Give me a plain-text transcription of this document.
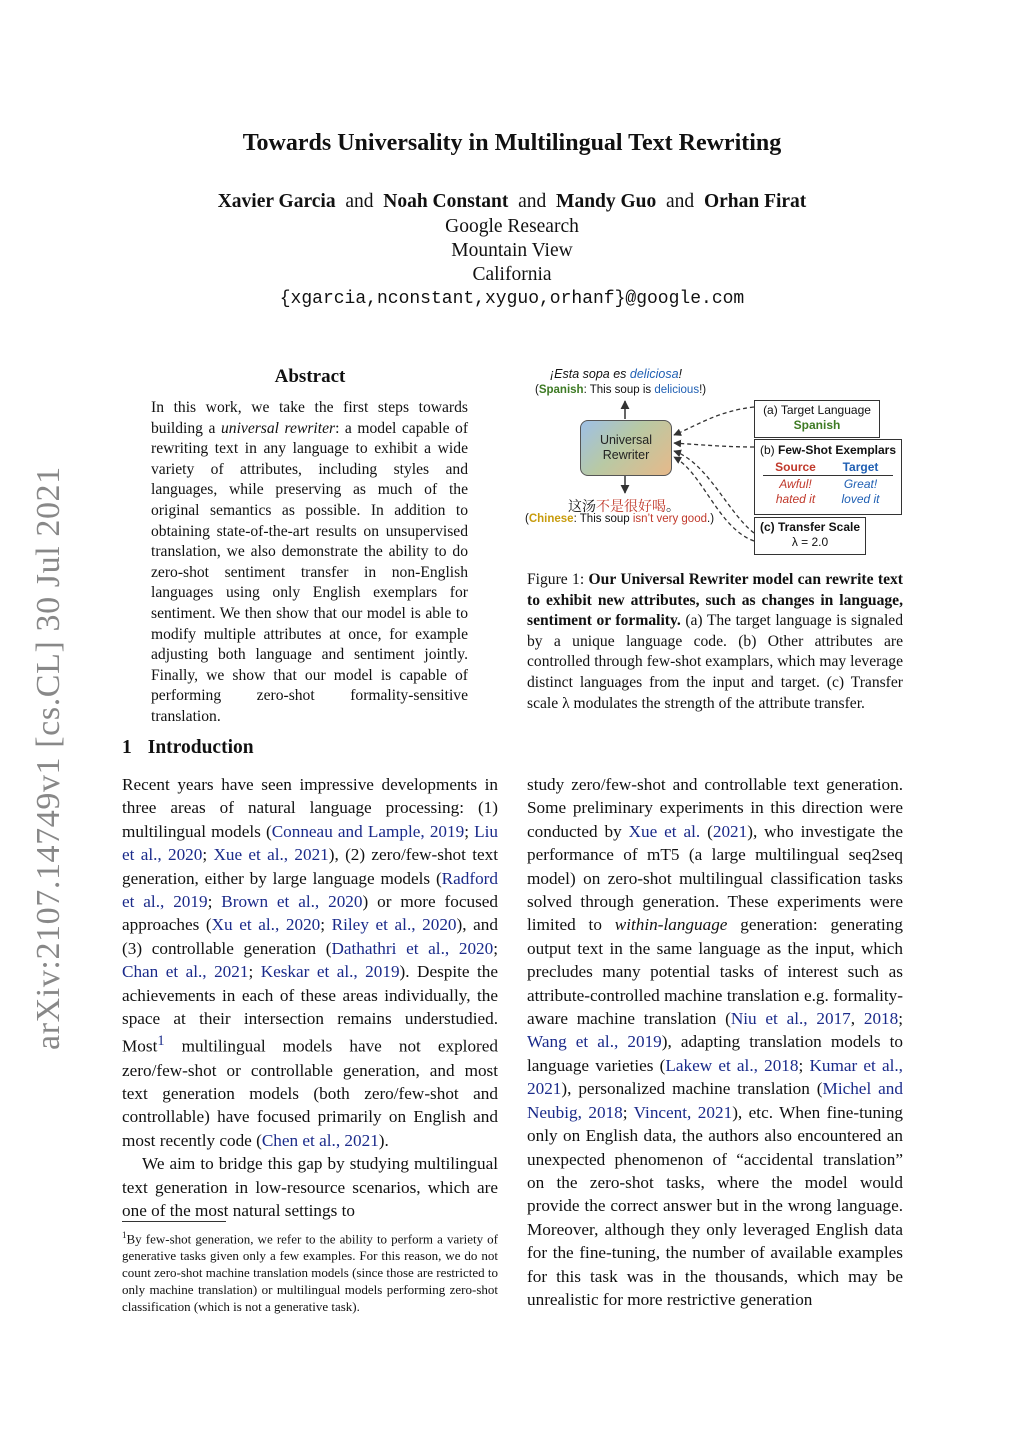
Towards Universality in Multilingual Text Rewriting
Xavier Garcia and Noah Constant and Mandy Guo and Orhan Firat
Google Research
Mountain View
California
{xgarcia,nconstant,xyguo,orhanf}@google.com
arXiv:2107.14749v1 [cs.CL] 30 Jul 2021
Abstract
In this work, we take the first steps towards building a universal rewriter: a model capable of rewriting text in any language to exhibit a wide variety of attributes, including styles and languages, while preserving as much of the original semantics as possible. In addition to obtaining state-of-the-art results on unsupervised translation, we also demonstrate the ability to do zero-shot sentiment transfer in non-English languages using only English exemplars for sentiment. We then show that our model is able to modify multiple attributes at once, for example adjusting both language and sentiment jointly. Finally, we show that our model is capable of performing zero-shot formality-sensitive translation.
1 Introduction

Recent years have seen impressive developments in three areas of natural language processing: (1) multilingual models (Conneau and Lample, 2019; Liu et al., 2020; Xue et al., 2021), (2) zero/few-shot text generation, either by large language models (Radford et al., 2019; Brown et al., 2020) or more focused approaches (Xu et al., 2020; Riley et al., 2020), and (3) controllable generation (Dathathri et al., 2020; Chan et al., 2021; Keskar et al., 2019). Despite the achievements in each of these areas individually, the space at their intersection remains understudied. Most$^1$ multilingual models have not explored zero/few-shot or controllable generation, and most text generation models (both zero/few-shot and controllable) have focused primarily on English and most recently code (Chen et al., 2021).

We aim to bridge this gap by studying multilingual text generation in low-resource scenarios, which are one of the most natural settings to

$^1$By few-shot generation, we refer to the ability to perform a variety of generative tasks given only a few examples. For this reason, we do not count zero-shot machine translation models (since those are restricted to only machine translation) or multilingual models performing zero-shot classification (which is not a generative task).

study zero/few-shot and controllable text generation. Some preliminary experiments in this direction were conducted by Xue et al. (2021), who investigate the performance of mT5 (a large multilingual seq2seq model) on zero-shot multilingual classification tasks solved through generation. These experiments were limited to within-language generation: generating output text in the same language as the input, which precludes many potential tasks of interest such as attribute-controlled machine translation e.g. formality-aware machine translation (Niu et al., 2017, 2018; Wang et al., 2019), adapting translation models to language varieties (Lakew et al., 2018; Kumar et al., 2021), personalized machine translation (Michel and Neubig, 2018; Vincent, 2021), etc. When fine-tuning only on English data, the authors also encountered an unexpected phenomenon of “accidental translation” on the zero-shot tasks, where the model would provide the correct answer but in the wrong language. Moreover, although they only leveraged English data for the fine-tuning, the number of available examples for this task was in the thousands, which may be unrealistic for more restrictive generation

¡Esta sopa es deliciosa!
(Spanish: This soup is delicious!)
Universal
Rewriter
这汤不是很好喝。
(Chinese: This soup isn’t very good.)
(a) Target Language
Spanish
(b) Few-Shot Exemplars
Source	Target
Awful!	Great!
hated it	loved it
(c) Transfer Scale
λ = 2.0
Figure 1: Our Universal Rewriter model can rewrite text to exhibit new attributes, such as changes in language, sentiment or formality. (a) The target language is signaled by a unique language code. (b) Other attributes are controlled through few-shot examplars, which may leverage distinct languages from the input and target. (c) Transfer scale λ modulates the strength of the attribute transfer.
